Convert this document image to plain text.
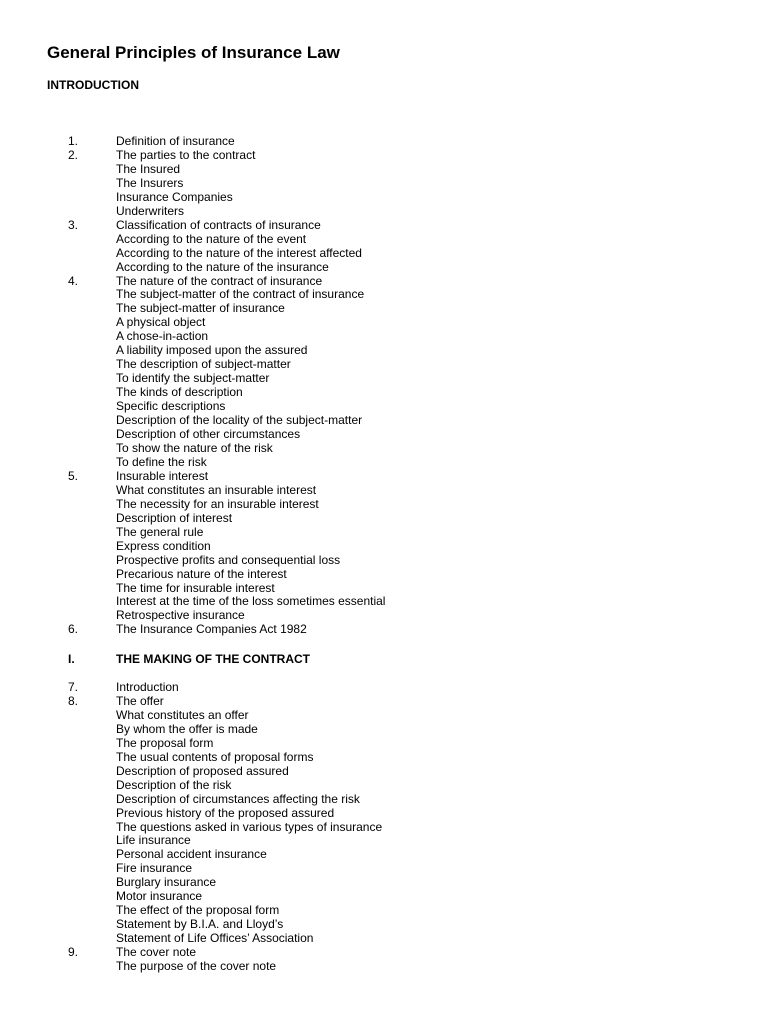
General Principles of Insurance Law
INTRODUCTION
1.	Definition of insurance
2.	The parties to the contract
The Insured
The Insurers
Insurance Companies
Underwriters
3.	Classification of contracts of insurance
According to the nature of the event
According to the nature of the interest affected
According to the nature of the insurance
4.	The nature of the contract of insurance
The subject-matter of the contract of insurance
The subject-matter of insurance
A physical object
A chose-in-action
A liability imposed upon the assured
The description of subject-matter
To identify the subject-matter
The kinds of description
Specific descriptions
Description of the locality of the subject-matter
Description of other circumstances
To show the nature of the risk
To define the risk
5.	Insurable interest
What constitutes an insurable interest
The necessity for an insurable interest
Description of interest
The general rule
Express condition
Prospective profits and consequential loss
Precarious nature of the interest
The time for insurable interest
Interest at the time of the loss sometimes essential
Retrospective insurance
6.	The Insurance Companies Act 1982
I.	THE MAKING OF THE CONTRACT
7.	Introduction
8.	The offer
What constitutes an offer
By whom the offer is made
The proposal form
The usual contents of proposal forms
Description of proposed assured
Description of the risk
Description of circumstances affecting the risk
Previous history of the proposed assured
The questions asked in various types of insurance
Life insurance
Personal accident insurance
Fire insurance
Burglary insurance
Motor insurance
The effect of the proposal form
Statement by B.I.A. and Lloyd’s
Statement of Life Offices’ Association
9.	The cover note
The purpose of the cover note
